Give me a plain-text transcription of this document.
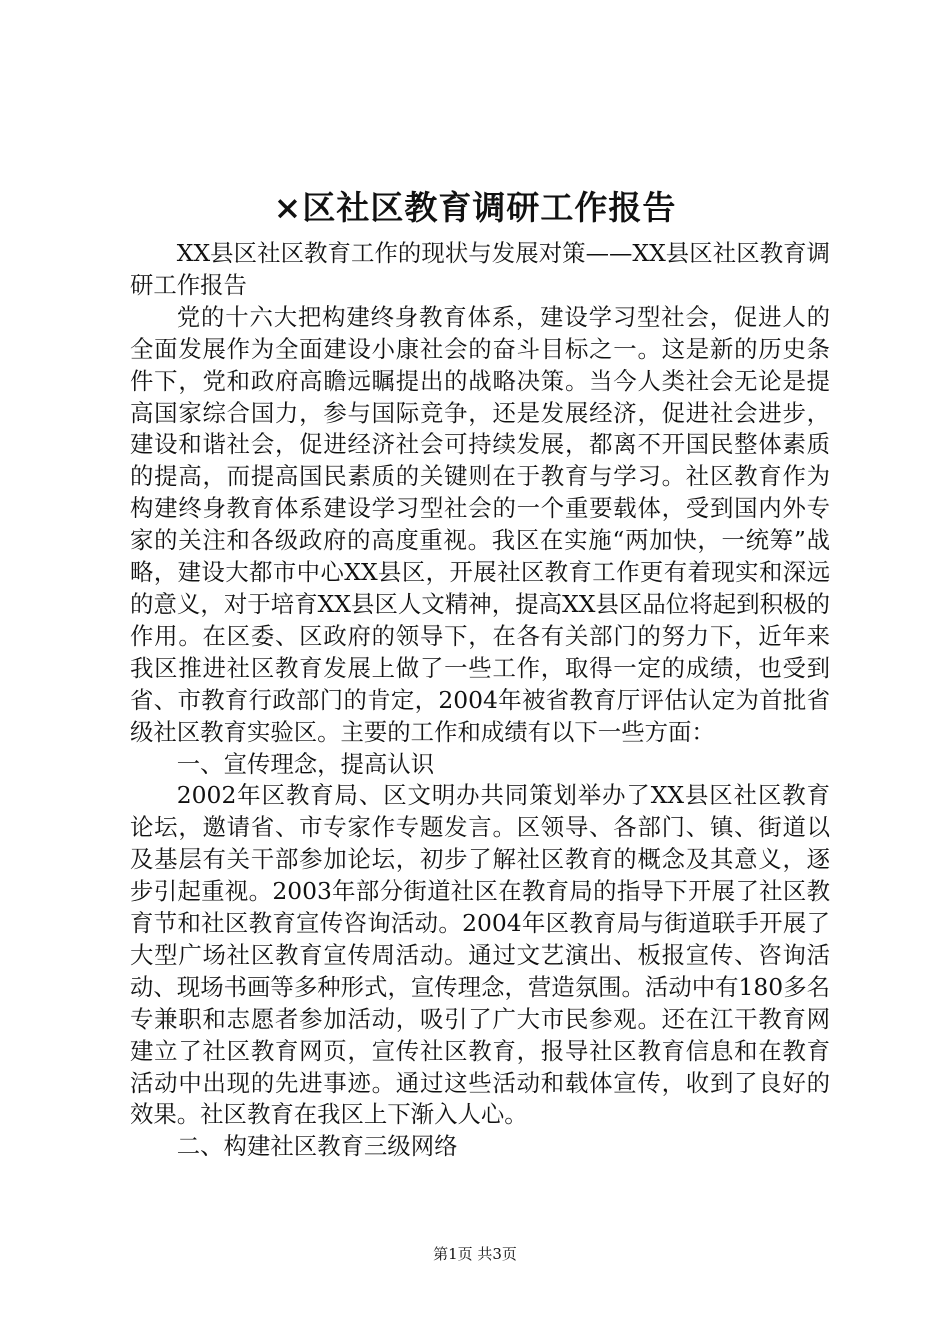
×区社区教育调研工作报告

XX县区社区教育工作的现状与发展对策——XX县区社区教育调研工作报告

党的十六大把构建终身教育体系，建设学习型社会，促进人的全面发展作为全面建设小康社会的奋斗目标之一。这是新的历史条件下，党和政府高瞻远瞩提出的战略决策。当今人类社会无论是提高国家综合国力，参与国际竞争，还是发展经济，促进社会进步，建设和谐社会，促进经济社会可持续发展，都离不开国民整体素质的提高，而提高国民素质的关键则在于教育与学习。社区教育作为构建终身教育体系建设学习型社会的一个重要载体，受到国内外专家的关注和各级政府的高度重视。我区在实施“两加快，一统筹”战略，建设大都市中心XX县区，开展社区教育工作更有着现实和深远的意义，对于培育XX县区人文精神，提高XX县区品位将起到积极的作用。在区委、区政府的领导下，在各有关部门的努力下，近年来我区推进社区教育发展上做了一些工作，取得一定的成绩，也受到省、市教育行政部门的肯定，2004年被省教育厅评估认定为首批省级社区教育实验区。主要的工作和成绩有以下一些方面：

一、宣传理念，提高认识

2002年区教育局、区文明办共同策划举办了XX县区社区教育论坛，邀请省、市专家作专题发言。区领导、各部门、镇、街道以及基层有关干部参加论坛，初步了解社区教育的概念及其意义，逐步引起重视。2003年部分街道社区在教育局的指导下开展了社区教育节和社区教育宣传咨询活动。2004年区教育局与街道联手开展了大型广场社区教育宣传周活动。通过文艺演出、板报宣传、咨询活动、现场书画等多种形式，宣传理念，营造氛围。活动中有180多名专兼职和志愿者参加活动，吸引了广大市民参观。还在江干教育网建立了社区教育网页，宣传社区教育，报导社区教育信息和在教育活动中出现的先进事迹。通过这些活动和载体宣传，收到了良好的效果。社区教育在我区上下渐入人心。

二、构建社区教育三级网络

第1页 共3页
